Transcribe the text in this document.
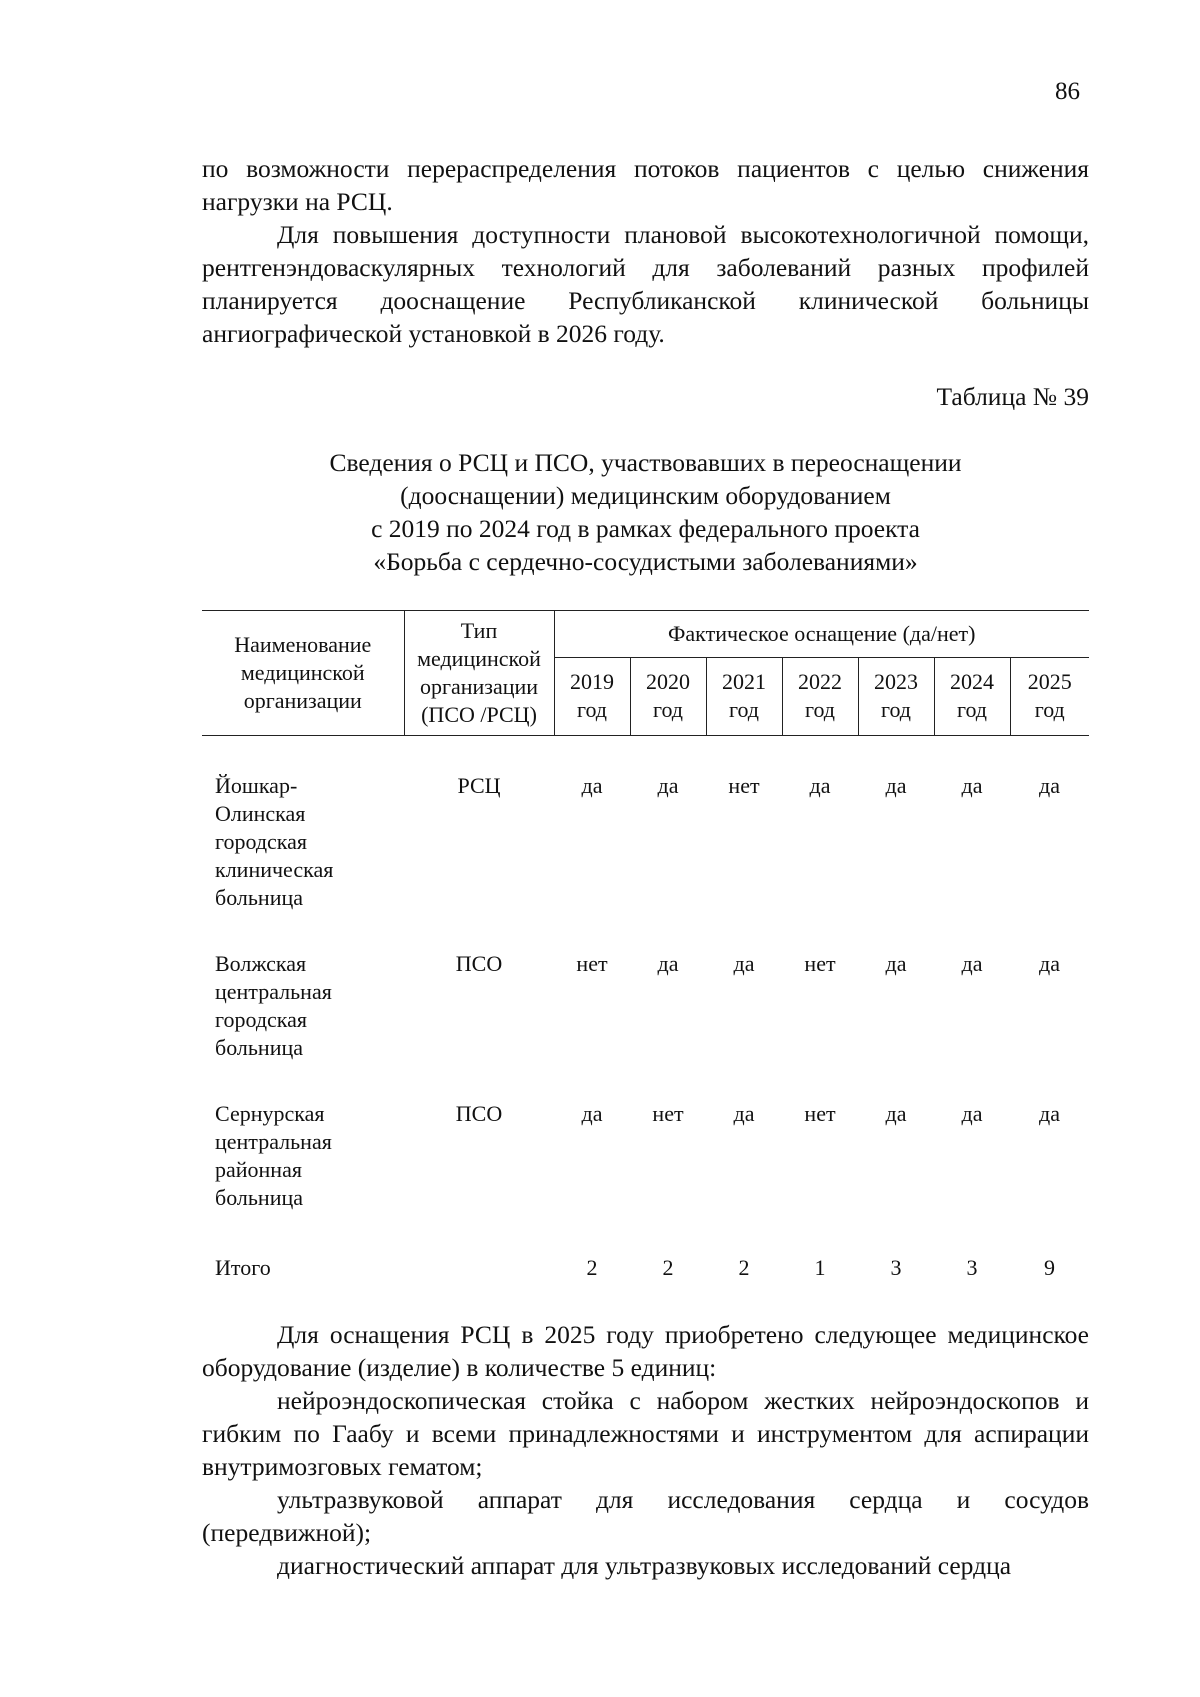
86

по возможности перераспределения потоков пациентов с целью снижения нагрузки на РСЦ.

Для повышения доступности плановой высокотехнологичной помощи, рентгенэндоваскулярных технологий для заболеваний разных профилей планируется дооснащение Республиканской клинической больницы ангиографической установкой в 2026 году.

Таблица № 39
Сведения о РСЦ и ПСО, участвовавших в переоснащении
(дооснащении) медицинским оборудованием
с 2019 по 2024 год в рамках федерального проекта
«Борьба с сердечно-сосудистыми заболеваниями»
Наименование медицинской организации	Тип медицинской организации (ПСО /РСЦ)	Фактическое оснащение (да/нет)						
		2019 год	2020 год	2021 год	2022 год	2023 год	2024 год	2025 год

Йошкар-Олинская городская клиническая больница	РСЦ	да	да	нет	да	да	да	да
Волжская центральная городская больница	ПСО	нет	да	да	нет	да	да	да
Сернурская центральная районная больница	ПСО	да	нет	да	нет	да	да	да
Итого		2	2	2	1	3	3	9

Для оснащения РСЦ в 2025 году приобретено следующее медицинское оборудование (изделие) в количестве 5 единиц:

нейроэндоскопическая стойка с набором жестких нейроэндоскопов и гибким по Гаабу и всеми принадлежностями и инструментом для аспирации внутримозговых гематом;

ультразвуковой аппарат для исследования сердца и сосудов (передвижной);

диагностический аппарат для ультразвуковых исследований сердца
